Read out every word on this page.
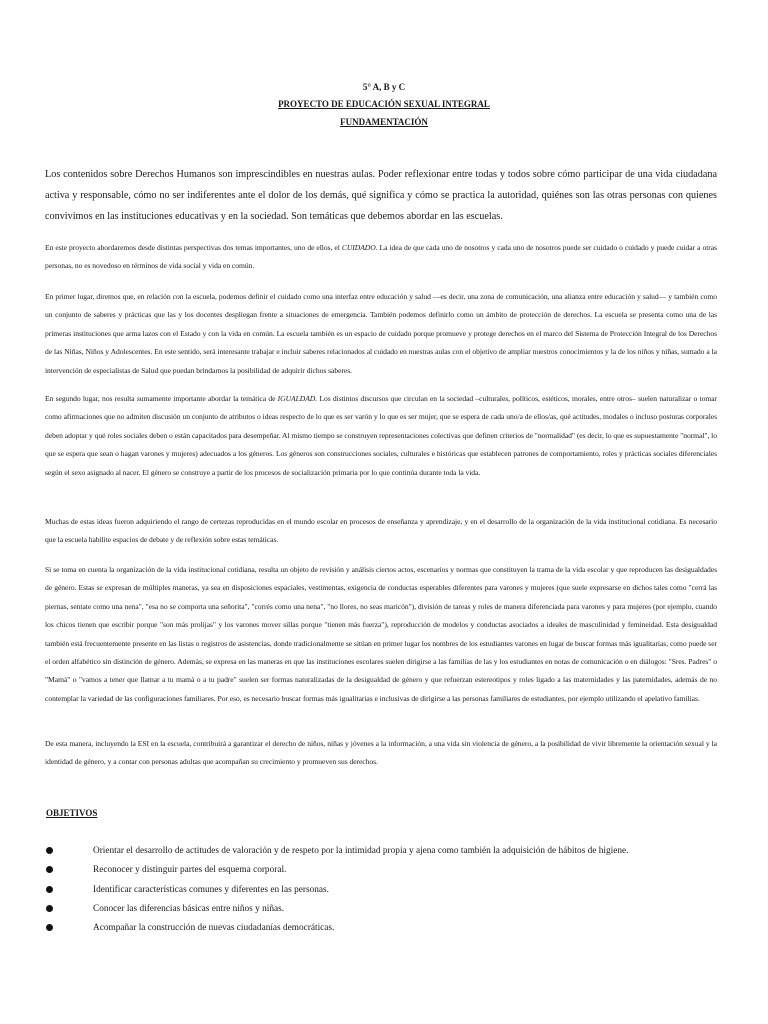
5° A, B y C
PROYECTO DE EDUCACIÓN SEXUAL INTEGRAL
FUNDAMENTACIÓN

Los contenidos sobre Derechos Humanos son imprescindibles en nuestras aulas. Poder reflexionar entre todas y todos sobre cómo participar de una vida ciudadana activa y responsable, cómo no ser indiferentes ante el dolor de los demás, qué significa y cómo se practica la autoridad, quiénes son las otras personas con quienes convivimos en las instituciones educativas y en la sociedad. Son temáticas que debemos abordar en las escuelas.

En este proyecto abordaremos desde distintas perspectivas dos temas importantes, uno de ellos, el CUIDADO. La idea de que cada uno de nosotros y cada uno de nosotros puede ser cuidado o cuidado y puede cuidar a otras personas, no es novedoso en términos de vida social y vida en común.

En primer lugar, diremos que, en relación con la escuela, podemos definir el cuidado como una interfaz entre educación y salud —es decir, una zona de comunicación, una alianza entre educación y salud— y también como un conjunto de saberes y prácticas que las y los docentes despliegan frente a situaciones de emergencia. También podemos definirlo como un ámbito de protección de derechos. La escuela se presenta como una de las primeras instituciones que arma lazos con el Estado y con la vida en común. La escuela también es un espacio de cuidado porque promueve y protege derechos en el marco del Sistema de Protección Integral de los Derechos de las Niñas, Niños y Adolescentes. En este sentido, será interesante trabajar e incluir saberes relacionados al cuidado en nuestras aulas con el objetivo de ampliar nuestros conocimientos y la de los niños y niñas, sumado a la intervención de especialistas de Salud que puedan brindarnos la posibilidad de adquirir dichos saberes.

En segundo lugar, nos resulta sumamente importante abordar la temática de IGUALDAD. Los distintos discursos que circulan en la sociedad –culturales, políticos, estéticos, morales, entre otros– suelen naturalizar o tomar como afirmaciones que no admiten discusión un conjunto de atributos o ideas respecto de lo que es ser varón y lo que es ser mujer, que se espera de cada uno/a de ellos/as, qué actitudes, modales o incluso posturas corporales deben adoptar y qué roles sociales deben o están capacitados para desempeñar. Al mismo tiempo se construyen representaciones colectivas que definen criterios de "normalidad" (es decir, lo que es supuestamente "normal", lo que se espera que sean o hagan varones y mujeres) adecuados a los géneros. Los géneros son construcciones sociales, culturales e históricas que establecen patrones de comportamiento, roles y prácticas sociales diferenciales según el sexo asignado al nacer. El género se construye a partir de los procesos de socialización primaria por lo que continúa durante toda la vida.

Muchas de estas ideas fueron adquiriendo el rango de certezas reproducidas en el mundo escolar en procesos de enseñanza y aprendizaje, y en el desarrollo de la organización de la vida institucional cotidiana. Es necesario que la escuela habilite espacios de debate y de reflexión sobre estas temáticas.

Si se toma en cuenta la organización de la vida institucional cotidiana, resulta un objeto de revisión y análisis ciertos actos, escenarios y normas que constituyen la trama de la vida escolar y que reproducen las desigualdades de género. Estas se expresan de múltiples maneras, ya sea en disposiciones espaciales, vestimentas, exigencia de conductas esperables diferentes para varones y mujeres (que suele expresarse en dichos tales como "cerrá las piernas, sentate como una nena", "esa no se comporta una señorita", "corrés como una nena", "no llores, no seas maricón"), división de tareas y roles de manera diferenciada para varones y para mujeres (por ejemplo, cuando los chicos tienen que escribir porque "son más prolijas" y los varones mover sillas porque "tienen más fuerza"), reproducción de modelos y conductas asociados a ideales de masculinidad y femineidad. Esta desigualdad también está frecuentemente presente en las listas o registros de asistencias, donde tradicionalmente se sitúan en primer lugar los nombres de los estudiantes varones en lugar de buscar formas más igualitarias, como puede ser el orden alfabético sin distinción de género. Además, se expresa en las maneras en que las instituciones escolares suelen dirigirse a las familias de las y los estudiantes en notas de comunicación o en diálogos: "Sres. Padres" o "Mamá" o "vamos a tener que llamar a tu mamá o a tu padre" suelen ser formas naturalizadas de la desigualdad de género y que refuerzan estereotipos y roles ligado a las maternidades y las paternidades, además de no contemplar la variedad de las configuraciones familiares. Por eso, es necesario buscar formas más igualitarias e inclusivas de dirigirse a las personas familiares de estudiantes, por ejemplo utilizando el apelativo familias.

De esta manera, incluyendo la ESI en la escuela, contribuirá a garantizar el derecho de niños, niñas y jóvenes a la información, a una vida sin violencia de género, a la posibilidad de vivir libremente la orientación sexual y la identidad de género, y a contar con personas adultas que acompañan su crecimiento y promueven sus derechos.

OBJETIVOS
Orientar el desarrollo de actitudes de valoración y de respeto por la intimidad propia y ajena como también la adquisición de hábitos de higiene.
Reconocer y distinguir partes del esquema corporal.
Identificar características comunes y diferentes en las personas.
Conocer las diferencias básicas entre niños y niñas.
Acompañar la construcción de nuevas ciudadanías democráticas.
